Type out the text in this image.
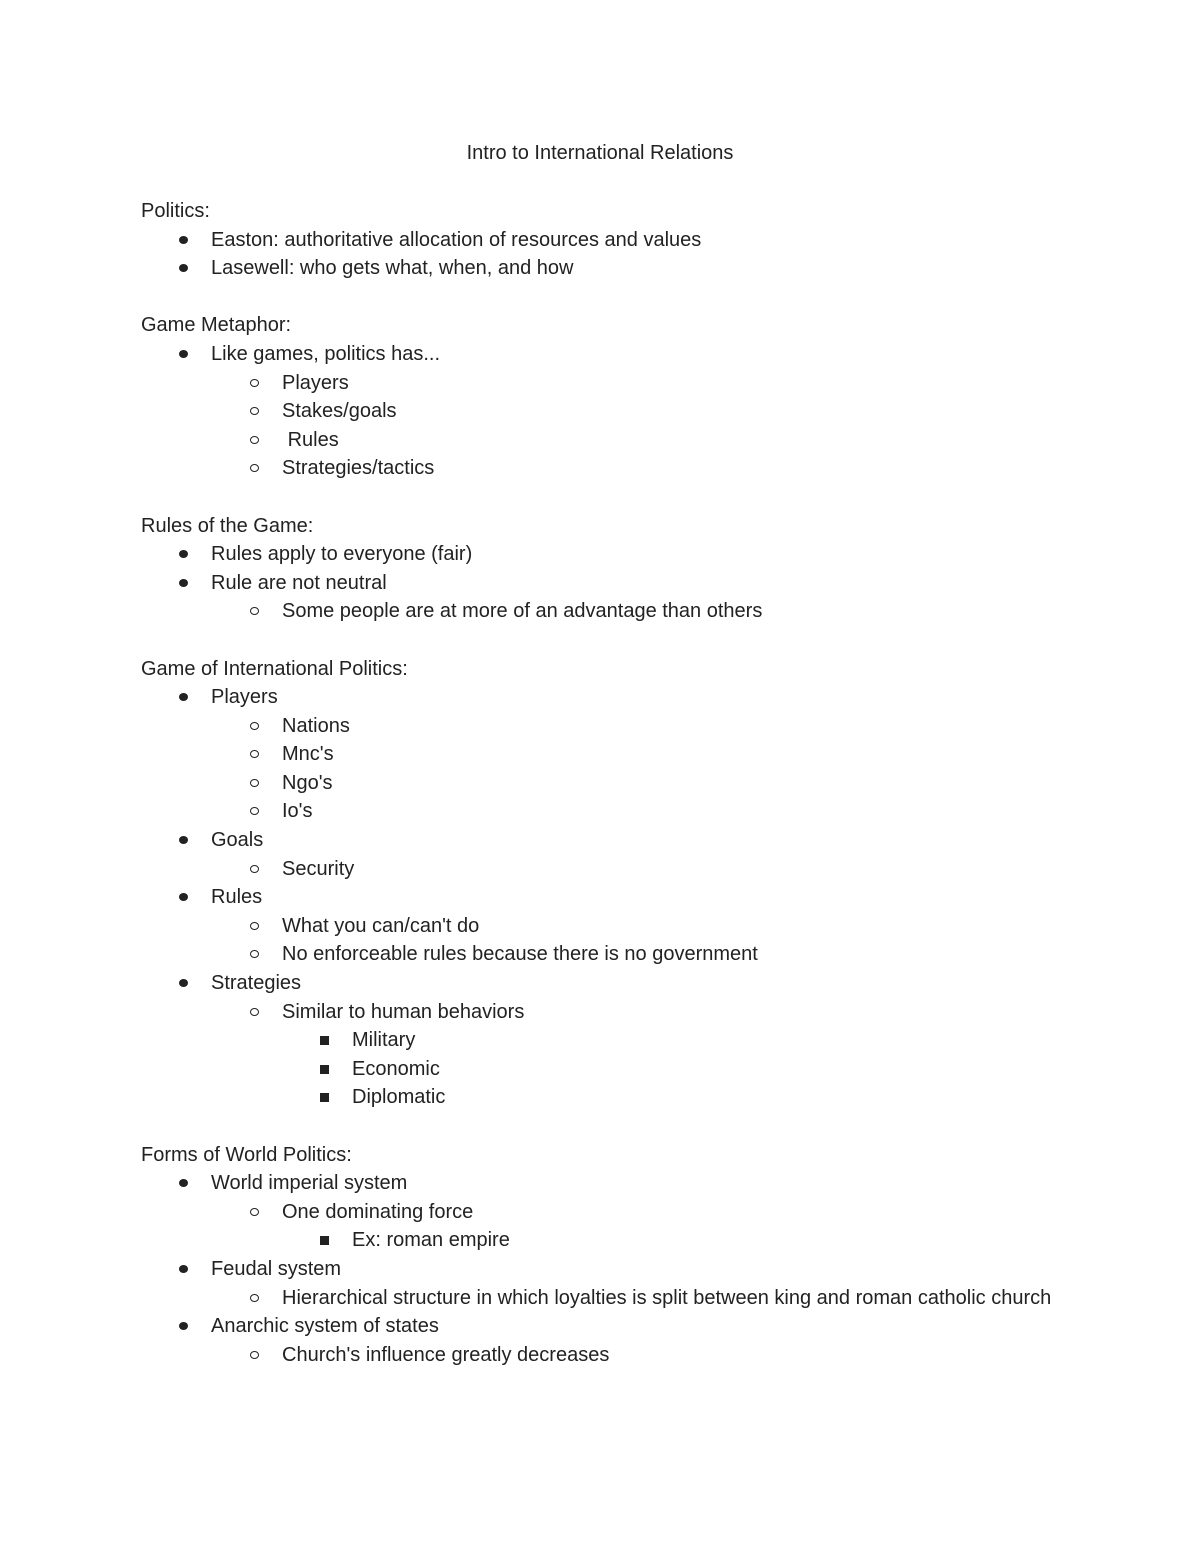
Intro to International Relations
Politics:
Easton: authoritative allocation of resources and values
Lasewell: who gets what, when, and how
Game Metaphor:
Like games, politics has...
Players
Stakes/goals
Rules
Strategies/tactics
Rules of the Game:
Rules apply to everyone (fair)
Rule are not neutral
Some people are at more of an advantage than others
Game of International Politics:
Players
Nations
Mnc's
Ngo's
Io's
Goals
Security
Rules
What you can/can't do
No enforceable rules because there is no government
Strategies
Similar to human behaviors
Military
Economic
Diplomatic
Forms of World Politics:
World imperial system
One dominating force
Ex: roman empire
Feudal system
Hierarchical structure in which loyalties is split between king and roman catholic church
Anarchic system of states
Church's influence greatly decreases
